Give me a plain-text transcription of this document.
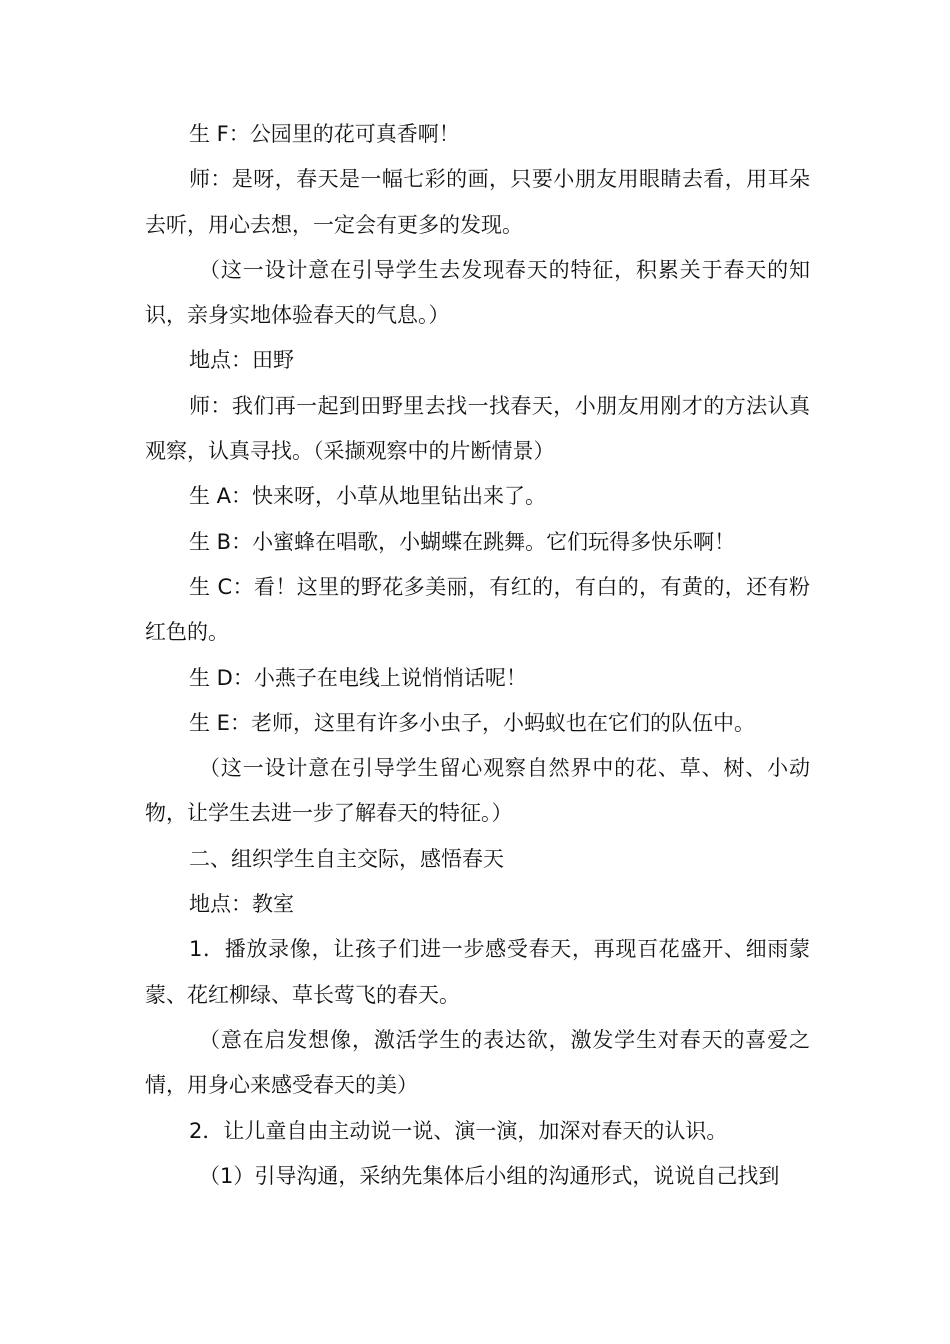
生 F：公园里的花可真香啊！

师：是呀，春天是一幅七彩的画，只要小朋友用眼睛去看，用耳朵去听，用心去想，一定会有更多的发现。

（这一设计意在引导学生去发现春天的特征，积累关于春天的知识，亲身实地体验春天的气息。）

地点：田野

师：我们再一起到田野里去找一找春天，小朋友用刚才的方法认真观察，认真寻找。（采撷观察中的片断情景）

生 A：快来呀，小草从地里钻出来了。

生 B：小蜜蜂在唱歌，小蝴蝶在跳舞。它们玩得多快乐啊！

生 C：看！这里的野花多美丽，有红的，有白的，有黄的，还有粉红色的。

生 D：小燕子在电线上说悄悄话呢！

生 E：老师，这里有许多小虫子，小蚂蚁也在它们的队伍中。

（这一设计意在引导学生留心观察自然界中的花、草、树、小动物，让学生去进一步了解春天的特征。）

二、组织学生自主交际，感悟春天

地点：教室

1．播放录像，让孩子们进一步感受春天，再现百花盛开、细雨蒙蒙、花红柳绿、草长莺飞的春天。

（意在启发想像，激活学生的表达欲，激发学生对春天的喜爱之情，用身心来感受春天的美）

2．让儿童自由主动说一说、演一演，加深对春天的认识。

（1）引导沟通，采纳先集体后小组的沟通形式，说说自己找到
